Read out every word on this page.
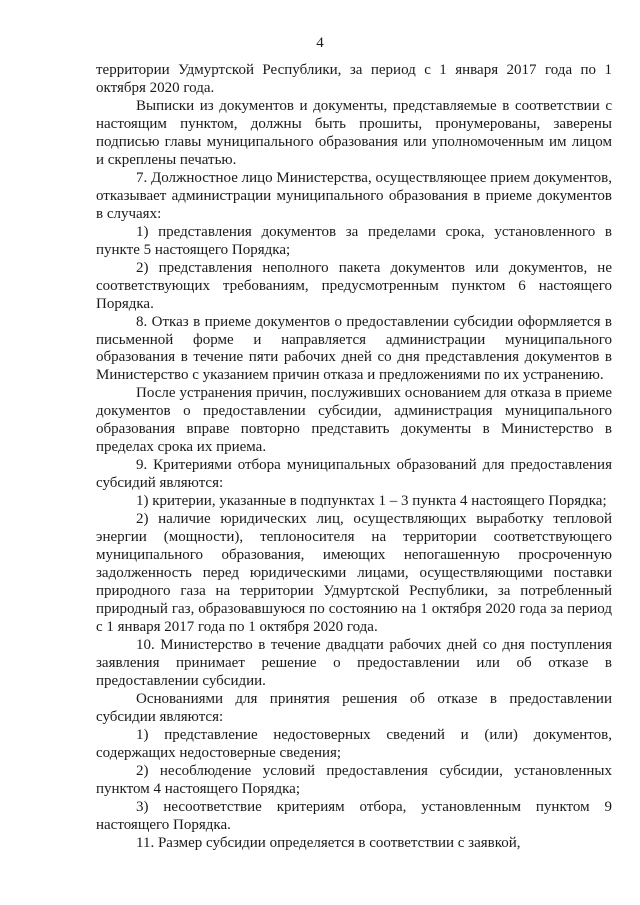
4

территории Удмуртской Республики, за период с 1 января 2017 года по 1 октября 2020 года.

Выписки из документов и документы, представляемые в соответствии с настоящим пунктом, должны быть прошиты, пронумерованы, заверены подписью главы муниципального образования или уполномоченным им лицом и скреплены печатью.

7. Должностное лицо Министерства, осуществляющее прием документов, отказывает администрации муниципального образования в приеме документов в случаях:

1) представления документов за пределами срока, установленного в пункте 5 настоящего Порядка;

2) представления неполного пакета документов или документов, не соответствующих требованиям, предусмотренным пунктом 6 настоящего Порядка.

8. Отказ в приеме документов о предоставлении субсидии оформляется в письменной форме и направляется администрации муниципального образования в течение пяти рабочих дней со дня представления документов в Министерство с указанием причин отказа и предложениями по их устранению.

После устранения причин, послуживших основанием для отказа в приеме документов о предоставлении субсидии, администрация муниципального образования вправе повторно представить документы в Министерство в пределах срока их приема.

9. Критериями отбора муниципальных образований для предоставления субсидий являются:

1) критерии, указанные в подпунктах 1 – 3 пункта 4 настоящего Порядка;

2) наличие юридических лиц, осуществляющих выработку тепловой энергии (мощности), теплоносителя на территории соответствующего муниципального образования, имеющих непогашенную просроченную задолженность перед юридическими лицами, осуществляющими поставки природного газа на территории Удмуртской Республики, за потребленный природный газ, образовавшуюся по состоянию на 1 октября 2020 года за период с 1 января 2017 года по 1 октября 2020 года.

10. Министерство в течение двадцати рабочих дней со дня поступления заявления принимает решение о предоставлении или об отказе в предоставлении субсидии.

Основаниями для принятия решения об отказе в предоставлении субсидии являются:

1) представление недостоверных сведений и (или) документов, содержащих недостоверные сведения;

2) несоблюдение условий предоставления субсидии, установленных пунктом 4 настоящего Порядка;

3) несоответствие критериям отбора, установленным пунктом 9 настоящего Порядка.

11. Размер субсидии определяется в соответствии с заявкой,
